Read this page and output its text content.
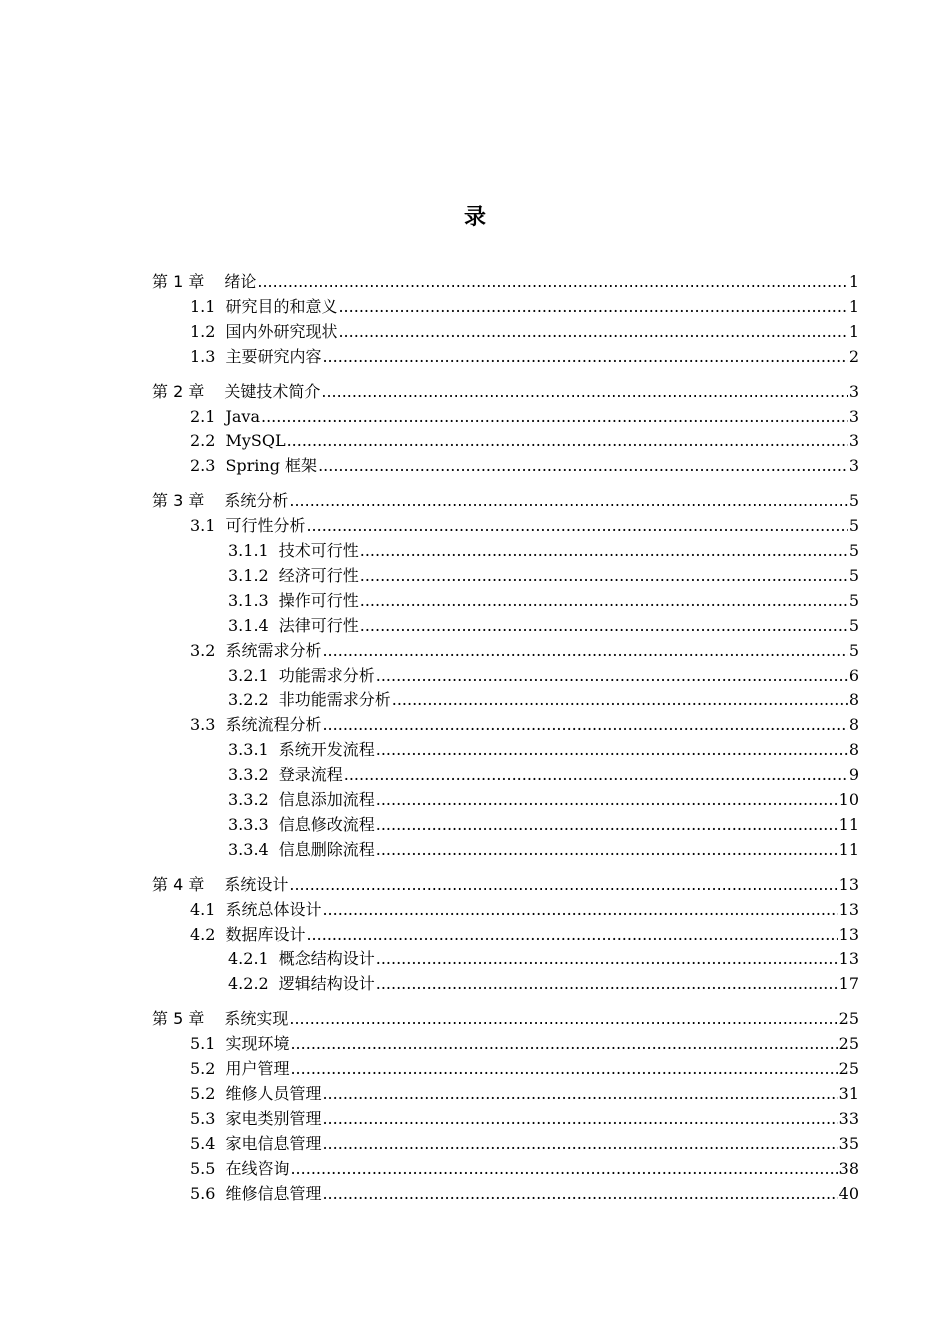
录
第 1 章 绪论 .....	1
1.1 研究目的和意义 .....	1
1.2 国内外研究现状 .....	1
1.3 主要研究内容 .....	2
第 2 章 关键技术简介 .....	3
2.1 Java .....	3
2.2 MySQL .....	3
2.3 Spring 框架 .....	3
第 3 章 系统分析 .....	5
3.1 可行性分析 .....	5
3.1.1 技术可行性 .....	5
3.1.2 经济可行性 .....	5
3.1.3 操作可行性 .....	5
3.1.4 法律可行性 .....	5
3.2 系统需求分析 .....	5
3.2.1 功能需求分析 .....	6
3.2.2 非功能需求分析 .....	8
3.3 系统流程分析 .....	8
3.3.1 系统开发流程 .....	8
3.3.2 登录流程 .....	9
3.3.2 信息添加流程 .....	10
3.3.3 信息修改流程 .....	11
3.3.4 信息删除流程 .....	11
第 4 章 系统设计 .....	13
4.1 系统总体设计 .....	13
4.2 数据库设计 .....	13
4.2.1 概念结构设计 .....	13
4.2.2 逻辑结构设计 .....	17
第 5 章 系统实现 .....	25
5.1 实现环境 .....	25
5.2 用户管理 .....	25
5.2 维修人员管理 .....	31
5.3 家电类别管理 .....	33
5.4 家电信息管理 .....	35
5.5 在线咨询 .....	38
5.6 维修信息管理 .....	40
